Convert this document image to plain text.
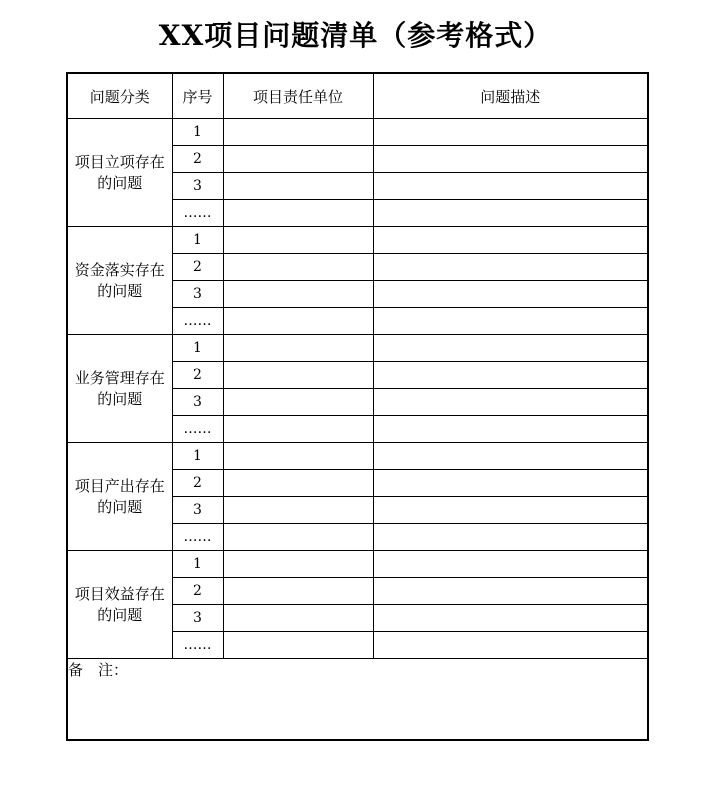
XX项目问题清单（参考格式）
问题分类	序号	项目责任单位	问题描述
项目立项存在的问题	1		
	2		
	3		
	……		
资金落实存在的问题	1		
	2		
	3		
	……		
业务管理存在的问题	1		
	2		
	3		
	……		
项目产出存在的问题	1		
	2		
	3		
	……		
项目效益存在的问题	1		
	2		
	3		
	……		
备　注：			
